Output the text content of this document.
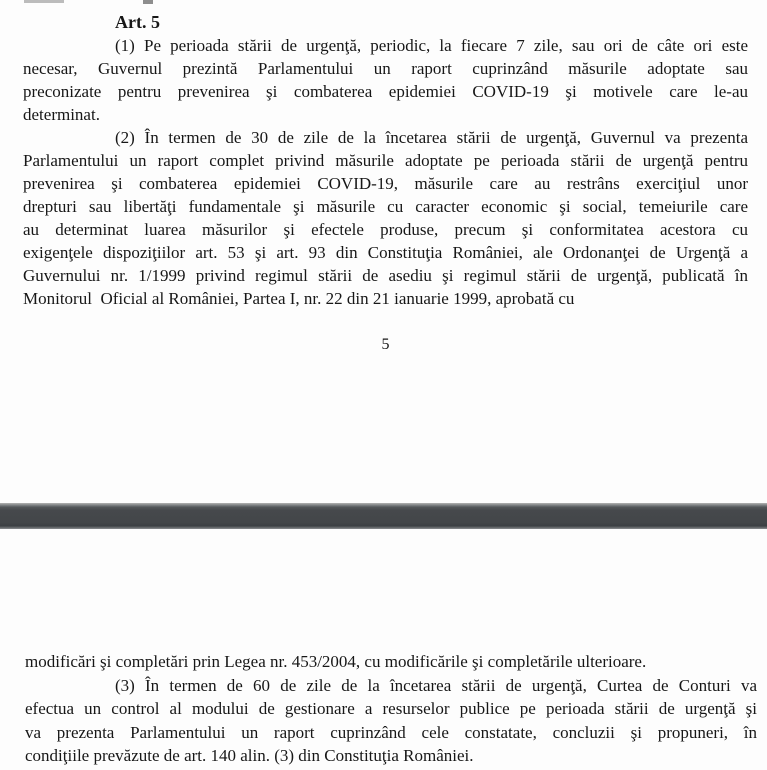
Art. 5
(1) Pe perioada stării de urgenţă, periodic, la fiecare 7 zile, sau ori de câte ori este
necesar, Guvernul prezintă Parlamentului un raport cuprinzând măsurile adoptate sau
preconizate pentru prevenirea şi combaterea epidemiei COVID-19 şi motivele care le-au
determinat.
(2) În termen de 30 de zile de la încetarea stării de urgenţă, Guvernul va prezenta
Parlamentului un raport complet privind măsurile adoptate pe perioada stării de urgenţă pentru
prevenirea şi combaterea epidemiei COVID-19, măsurile care au restrâns exerciţiul unor
drepturi sau libertăţi fundamentale şi măsurile cu caracter economic şi social, temeiurile care
au determinat luarea măsurilor şi efectele produse, precum şi conformitatea acestora cu
exigenţele dispoziţiilor art. 53 şi art. 93 din Constituţia României, ale Ordonanţei de Urgenţă a
Guvernului nr. 1/1999 privind regimul stării de asediu şi regimul stării de urgenţă, publicată în
Monitorul  Oficial al României, Partea I, nr. 22 din 21 ianuarie 1999, aprobată cu
5
modificări şi completări prin Legea nr. 453/2004, cu modificările şi completările ulterioare.
(3) În termen de 60 de zile de la încetarea stării de urgenţă, Curtea de Conturi va
efectua un control al modului de gestionare a resurselor publice pe perioada stării de urgenţă şi
va prezenta Parlamentului un raport cuprinzând cele constatate, concluzii şi propuneri, în
condiţiile prevăzute de art. 140 alin. (3) din Constituţia României.
